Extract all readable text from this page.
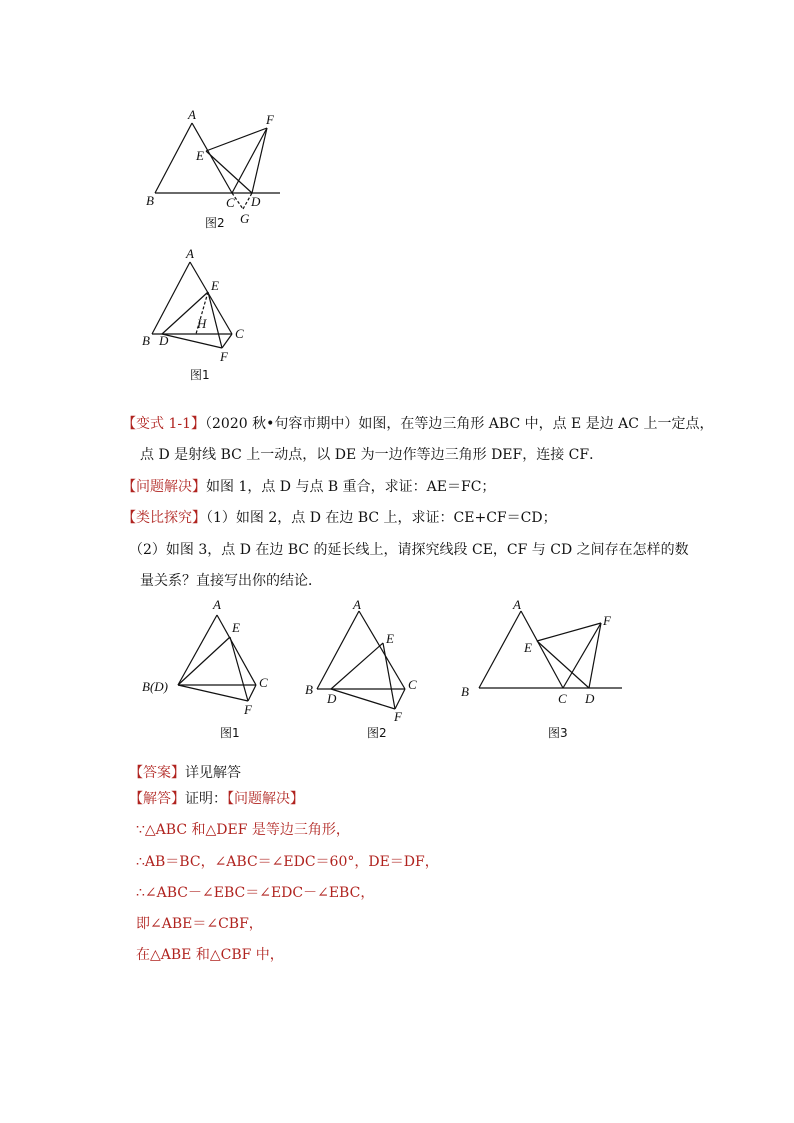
A
B	C D
E
F
G
图2
A
B	C
D
E
F
H
图1
【变式 1-1】（2020 秋•句容市期中）如图，在等边三角形 ABC 中，点 E 是边 AC 上一定点，
点 D 是射线 BC 上一动点，以 DE 为一边作等边三角形 DEF，连接 CF．
【问题解决】如图 1，点 D 与点 B 重合，求证：AE＝FC；
【类比探究】（1）如图 2，点 D 在边 BC 上，求证：CE+CF＝CD；
（2）如图 3，点 D 在边 BC 的延长线上，请探究线段 CE，CF 与 CD 之间存在怎样的数
量关系？直接写出你的结论．
A
B(D)	C
E
F
图1
A
B	C
D
E
F
图2
A
B	C D
E
F
图3
【答案】详见解答
【解答】证明：【问题解决】
∵△ABC 和△DEF 是等边三角形，
∴AB＝BC，∠ABC＝∠EDC＝60°，DE＝DF，
∴∠ABC－∠EBC＝∠EDC－∠EBC，
即∠ABE＝∠CBF，
在△ABE 和△CBF 中，
